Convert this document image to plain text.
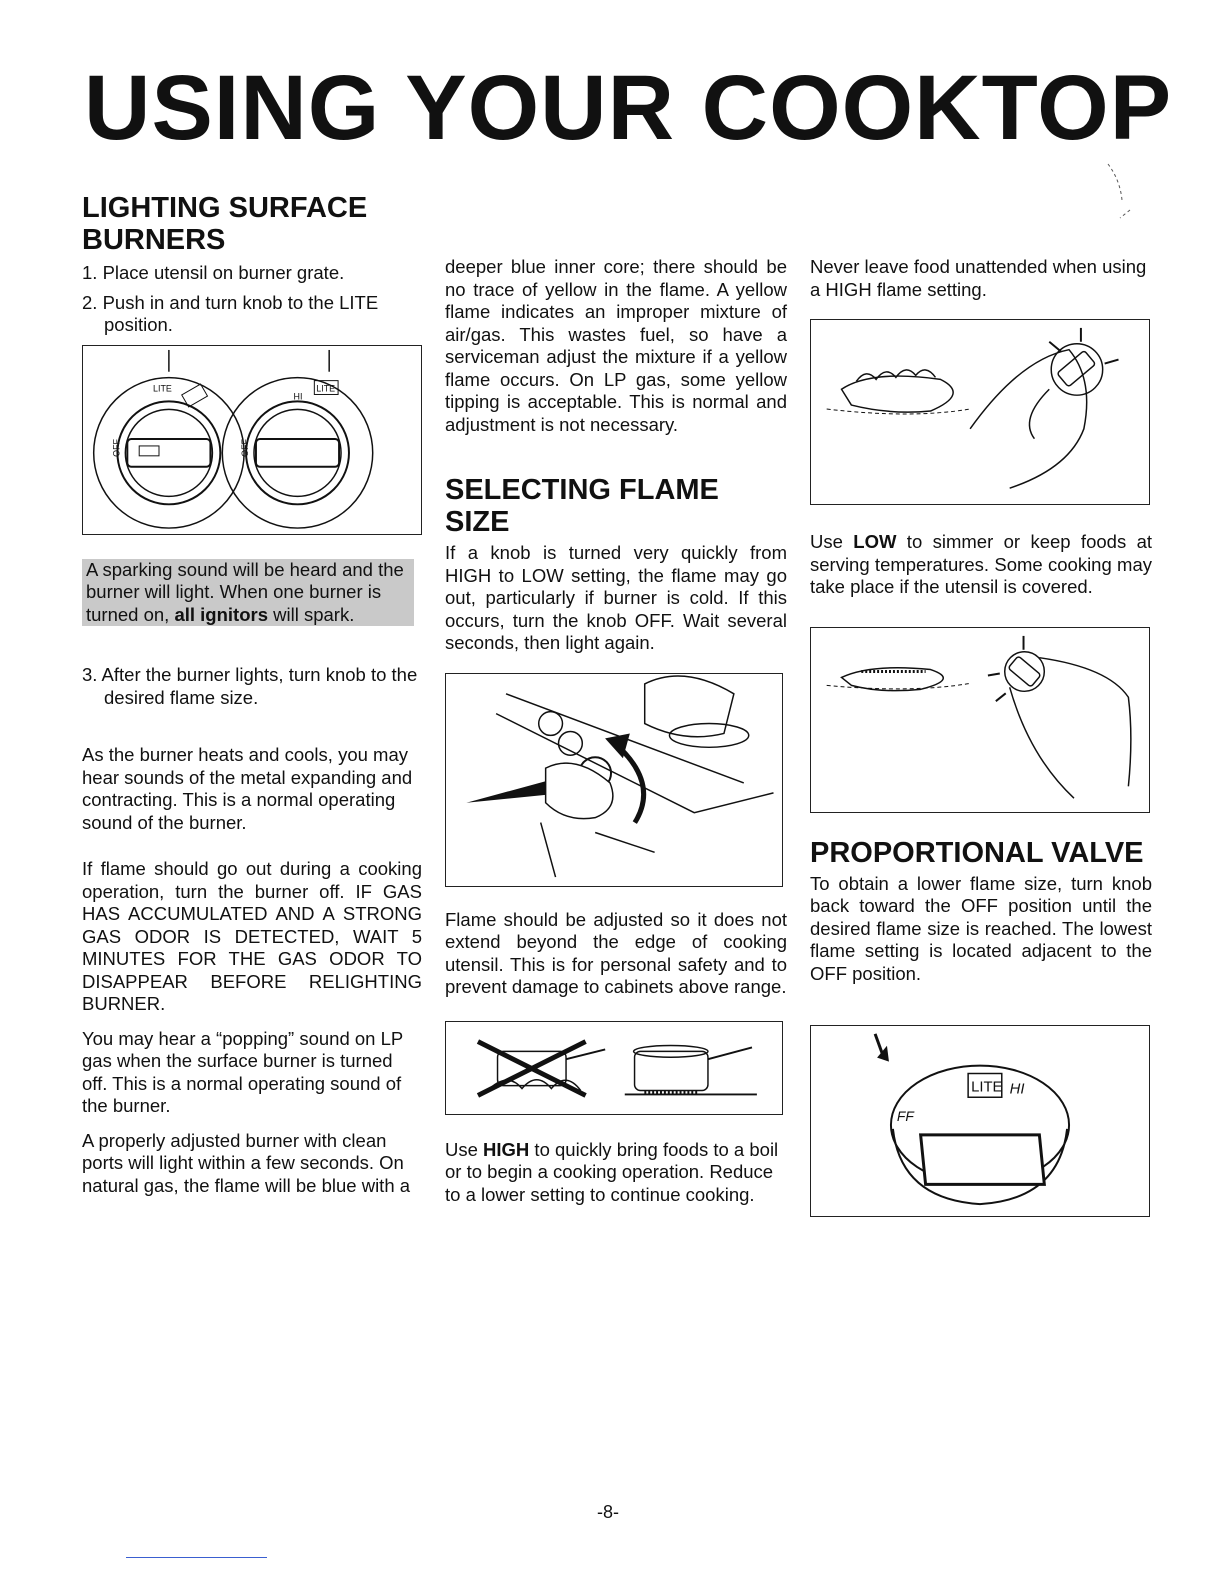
USING YOUR COOKTOP
LIGHTING SURFACE
BURNERS
1. Place utensil on burner grate.
2. Push in and turn knob to the LITE position.
LITE
HI
LITE
OFF	OFF
A sparking sound will be heard and the burner will light. When one burner is turned on, all ignitors will spark.
3. After the burner lights, turn knob to the desired flame size.

As the burner heats and cools, you may hear sounds of the metal expanding and contracting. This is a normal operating sound of the burner.

If flame should go out during a cooking operation, turn the burner off. IF GAS HAS ACCUMULATED AND A STRONG GAS ODOR IS DETECTED, WAIT 5 MINUTES FOR THE GAS ODOR TO DISAPPEAR BEFORE RELIGHTING BURNER.

You may hear a “popping” sound on LP gas when the surface burner is turned off. This is a normal operating sound of the burner.

A properly adjusted burner with clean ports will light within a few seconds. On natural gas, the flame will be blue with a

deeper blue inner core; there should be no trace of yellow in the flame. A yellow flame indicates an improper mixture of air/gas. This wastes fuel, so have a serviceman adjust the mixture if a yellow flame occurs. On LP gas, some yellow tipping is acceptable. This is normal and adjustment is not necessary.

SELECTING FLAME SIZE

If a knob is turned very quickly from HIGH to LOW setting, the flame may go out, particularly if burner is cold. If this occurs, turn the knob OFF. Wait several seconds, then light again.

Flame should be adjusted so it does not extend beyond the edge of cooking utensil. This is for personal safety and to prevent damage to cabinets above range.

Use HIGH to quickly bring foods to a boil or to begin a cooking operation. Reduce to a lower setting to continue cooking.

Never leave food unattended when using a HIGH flame setting.

Use LOW to simmer or keep foods at serving temperatures. Some cooking may take place if the utensil is covered.

PROPORTIONAL VALVE

To obtain a lower flame size, turn knob back toward the OFF position until the desired flame size is reached. The lowest flame setting is located adjacent to the OFF position.

LITE HI
FF
-8-
